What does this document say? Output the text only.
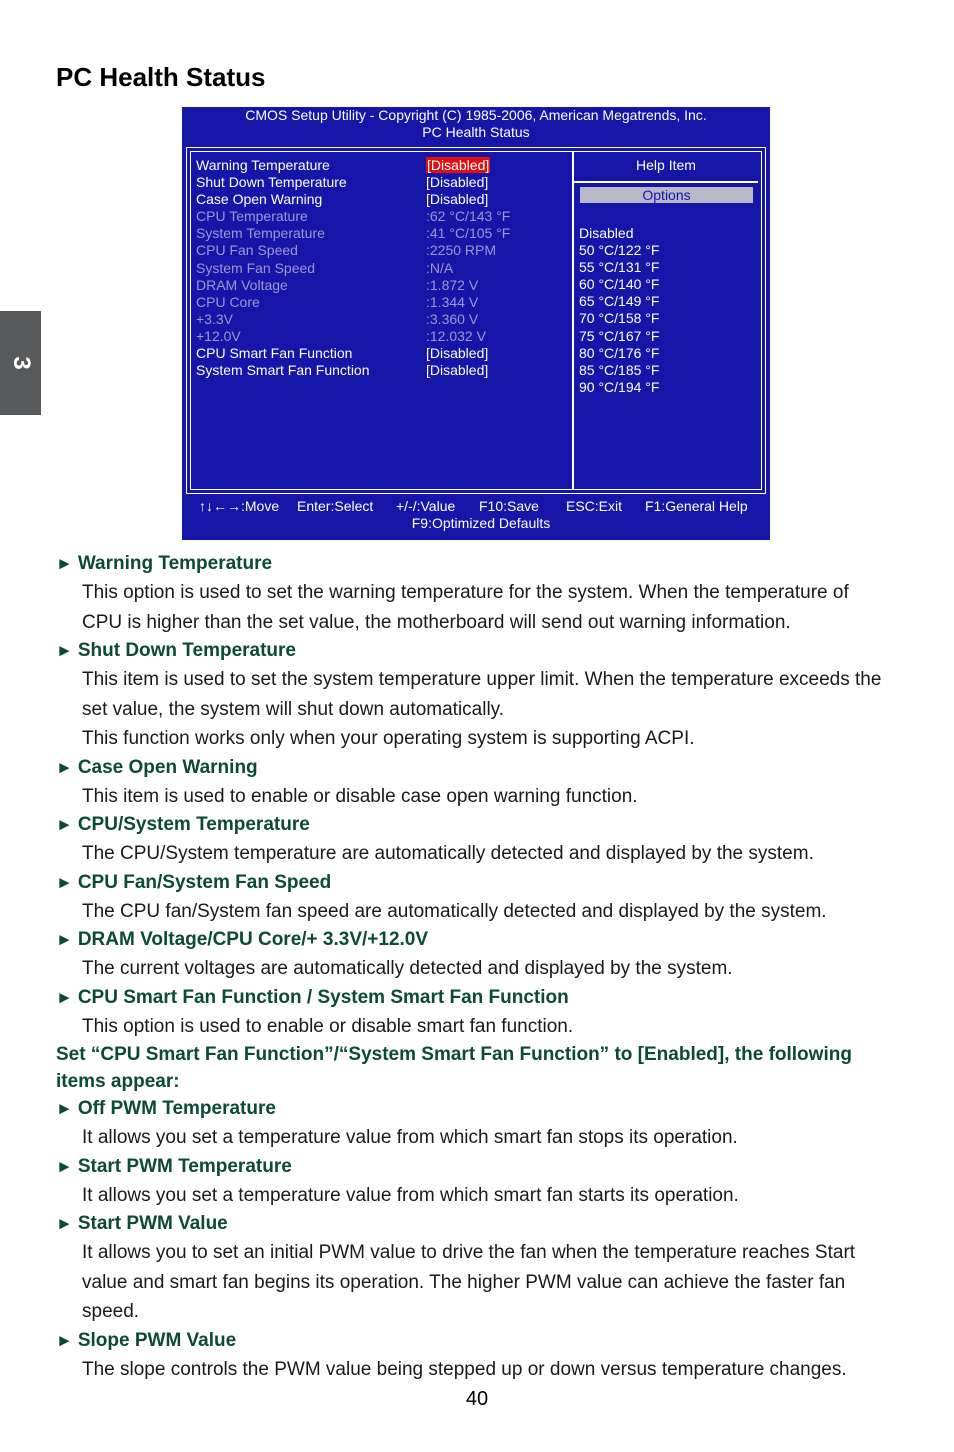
PC Health Status
3
CMOS Setup Utility - Copyright (C) 1985-2006, American Megatrends, Inc.
PC Health Status
Warning Temperature	[Disabled]
Shut Down Temperature	[Disabled]
Case Open Warning	[Disabled]
CPU Temperature	:62 °C/143 °F
System Temperature	:41 °C/105 °F
CPU Fan Speed	:2250 RPM
System Fan Speed	:N/A
DRAM Voltage	:1.872 V
CPU Core	:1.344 V
+3.3V	:3.360 V
+12.0V	:12.032 V
CPU Smart Fan Function	[Disabled]
System Smart Fan Function	[Disabled]
Help Item
Options
Disabled
50 °C/122 °F
55 °C/131 °F
60 °C/140 °F
65 °C/149 °F
70 °C/158 °F
75 °C/167 °F
80 °C/176 °F
85 °C/185 °F
90 °C/194 °F
↑↓←→:Move Enter:Select +/-/:Value F10:Save ESC:Exit F1:General Help
F9:Optimized Defaults
► Warning Temperature
This option is used to set the warning temperature for the system. When the temperature of CPU is higher than the set value, the motherboard will send out warning information.
► Shut Down Temperature
This item is used to set the system temperature upper limit. When the temperature exceeds the set value, the system will shut down automatically.
This function works only when your operating system is supporting ACPI.
► Case Open Warning
This item is used to enable or disable case open warning function.
► CPU/System Temperature
The CPU/System temperature are automatically detected and displayed by the system.
► CPU Fan/System Fan Speed
The CPU fan/System fan speed are automatically detected and displayed by the system.
► DRAM Voltage/CPU Core/+ 3.3V/+12.0V
The current voltages are automatically detected and displayed by the system.
► CPU Smart Fan Function / System Smart Fan Function
This option is used to enable or disable smart fan function.
Set “CPU Smart Fan Function”/“System Smart Fan Function” to [Enabled], the following items appear:
► Off PWM Temperature
It allows you set a temperature value from which smart fan stops its operation.
► Start PWM Temperature
It allows you set a temperature value from which smart fan starts its operation.
► Start PWM Value
It allows you to set an initial PWM value to drive the fan when the temperature reaches Start value and smart fan begins its operation. The higher PWM value can achieve the faster fan speed.
► Slope PWM Value
The slope controls the PWM value being stepped up or down versus temperature changes.
40
